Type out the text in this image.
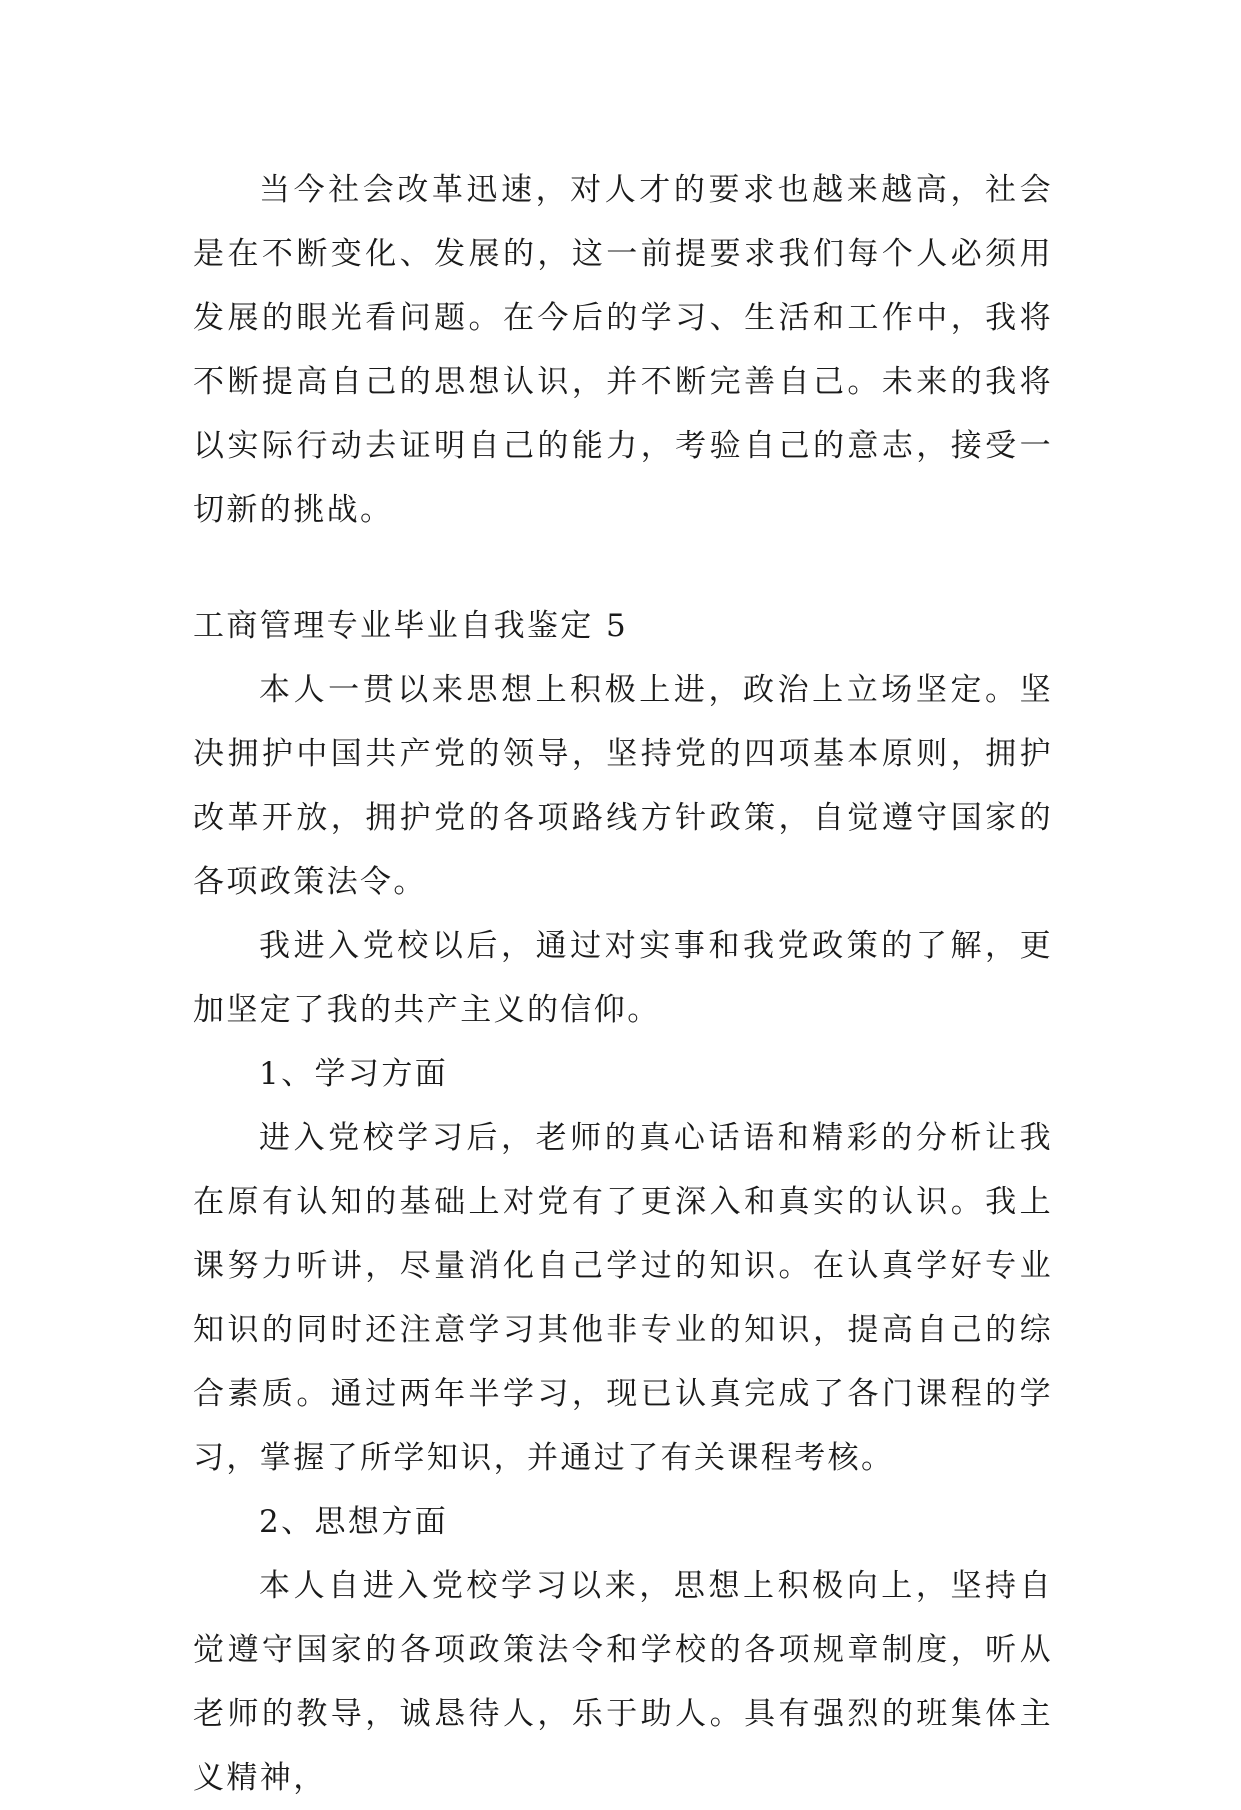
当今社会改革迅速，对人才的要求也越来越高，社会是在不断变化、发展的，这一前提要求我们每个人必须用发展的眼光看问题。在今后的学习、生活和工作中，我将不断提高自己的思想认识，并不断完善自己。未来的我将以实际行动去证明自己的能力，考验自己的意志，接受一切新的挑战。

工商管理专业毕业自我鉴定 5

本人一贯以来思想上积极上进，政治上立场坚定。坚决拥护中国共产党的领导，坚持党的四项基本原则，拥护改革开放，拥护党的各项路线方针政策，自觉遵守国家的各项政策法令。

我进入党校以后，通过对实事和我党政策的了解，更加坚定了我的共产主义的信仰。

1、学习方面

进入党校学习后，老师的真心话语和精彩的分析让我在原有认知的基础上对党有了更深入和真实的认识。我上课努力听讲，尽量消化自己学过的知识。在认真学好专业知识的同时还注意学习其他非专业的知识，提高自己的综合素质。通过两年半学习，现已认真完成了各门课程的学习，掌握了所学知识，并通过了有关课程考核。

2、思想方面

本人自进入党校学习以来，思想上积极向上，坚持自觉遵守国家的各项政策法令和学校的各项规章制度，听从老师的教导，诚恳待人，乐于助人。具有强烈的班集体主义精神，
